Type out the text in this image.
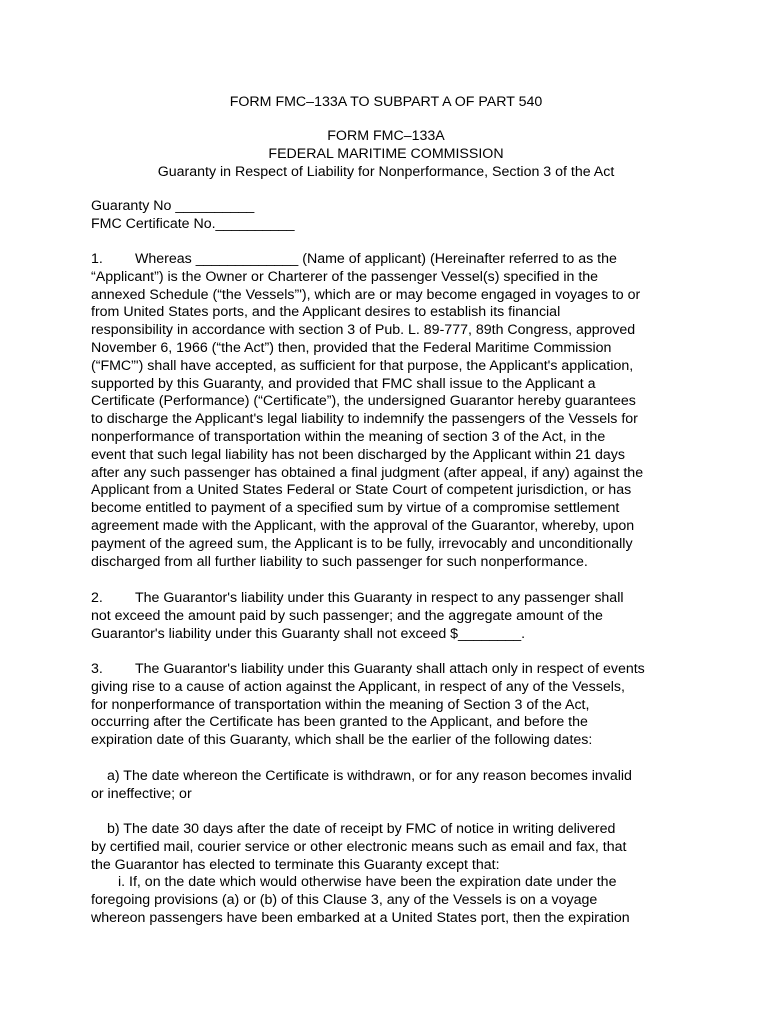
FORM FMC–133A TO SUBPART A OF PART 540
FORM FMC–133A
FEDERAL MARITIME COMMISSION
Guaranty in Respect of Liability for Nonperformance, Section 3 of the Act
Guaranty No __________
FMC Certificate No.__________
1. Whereas _____________ (Name of applicant) (Hereinafter referred to as the
“Applicant”) is the Owner or Charterer of the passenger Vessel(s) specified in the
annexed Schedule (“the Vessels”'), which are or may become engaged in voyages to or
from United States ports, and the Applicant desires to establish its financial
responsibility in accordance with section 3 of Pub. L. 89-777, 89th Congress, approved
November 6, 1966 (“the Act”) then, provided that the Federal Maritime Commission
(“FMC”') shall have accepted, as sufficient for that purpose, the Applicant's application,
supported by this Guaranty, and provided that FMC shall issue to the Applicant a
Certificate (Performance) (“Certificate”), the undersigned Guarantor hereby guarantees
to discharge the Applicant's legal liability to indemnify the passengers of the Vessels for
nonperformance of transportation within the meaning of section 3 of the Act, in the
event that such legal liability has not been discharged by the Applicant within 21 days
after any such passenger has obtained a final judgment (after appeal, if any) against the
Applicant from a United States Federal or State Court of competent jurisdiction, or has
become entitled to payment of a specified sum by virtue of a compromise settlement
agreement made with the Applicant, with the approval of the Guarantor, whereby, upon
payment of the agreed sum, the Applicant is to be fully, irrevocably and unconditionally
discharged from all further liability to such passenger for such nonperformance.
2. The Guarantor's liability under this Guaranty in respect to any passenger shall
not exceed the amount paid by such passenger; and the aggregate amount of the
Guarantor's liability under this Guaranty shall not exceed $________.
3. The Guarantor's liability under this Guaranty shall attach only in respect of events
giving rise to a cause of action against the Applicant, in respect of any of the Vessels,
for nonperformance of transportation within the meaning of Section 3 of the Act,
occurring after the Certificate has been granted to the Applicant, and before the
expiration date of this Guaranty, which shall be the earlier of the following dates:
a) The date whereon the Certificate is withdrawn, or for any reason becomes invalid
or ineffective; or
b) The date 30 days after the date of receipt by FMC of notice in writing delivered
by certified mail, courier service or other electronic means such as email and fax, that
the Guarantor has elected to terminate this Guaranty except that:
i. If, on the date which would otherwise have been the expiration date under the
foregoing provisions (a) or (b) of this Clause 3, any of the Vessels is on a voyage
whereon passengers have been embarked at a United States port, then the expiration
